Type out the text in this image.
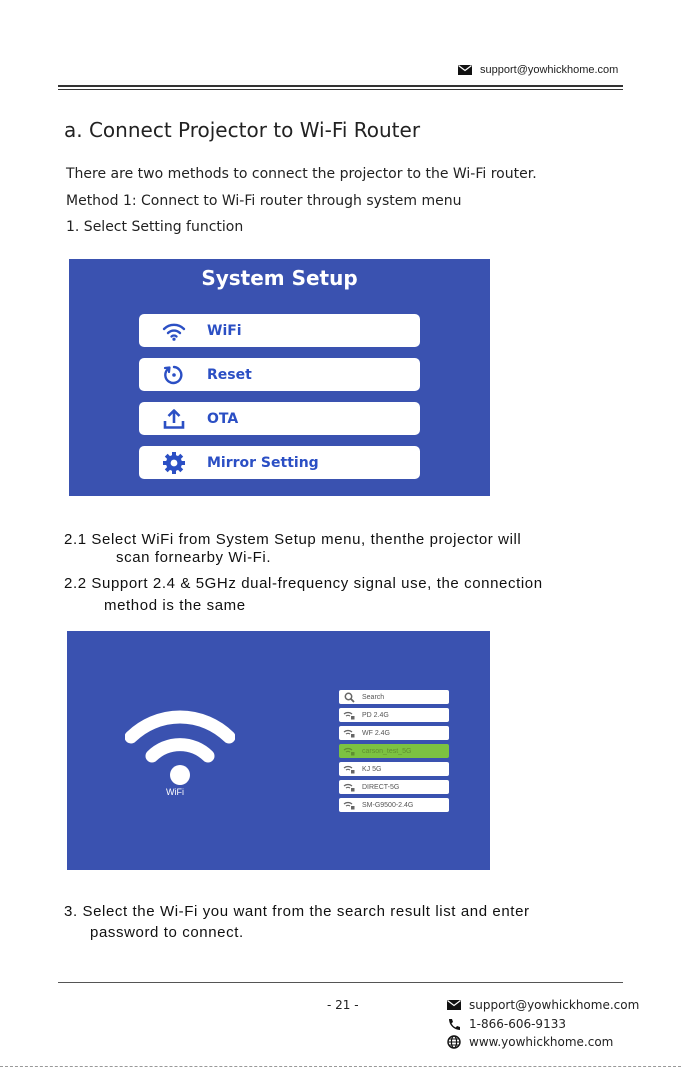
support@yowhickhome.com
a. Connect Projector to Wi-Fi Router
There are two methods to connect the projector to the Wi-Fi router.
Method 1: Connect to Wi-Fi router through system menu
1. Select Setting function
System Setup
WiFi
Reset
OTA
Mirror Setting
2.1 Select WiFi from System Setup menu, thenthe projector will
scan fornearby Wi-Fi.
2.2 Support 2.4 & 5GHz dual-frequency signal use, the connection
method is the same
WiFi
Search
PD 2.4G
WF 2.4G
carson_test_5G
KJ 5G
DIRECT-5G
SM-G9500-2.4G
3. Select the Wi-Fi you want from the search result list and enter
password to connect.
- 21 -	support@yowhickhome.com
1-866-606-9133
www.yowhickhome.com
